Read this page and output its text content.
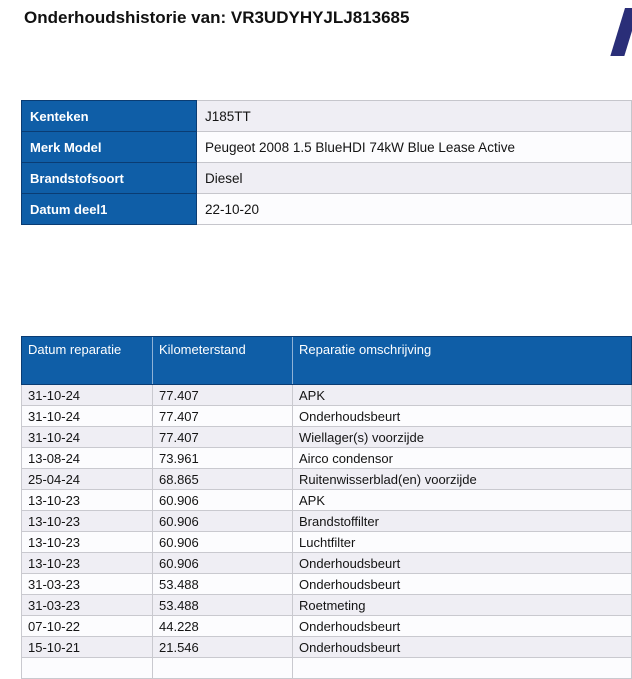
Onderhoudshistorie van: VR3UDYHYJLJ813685
Kenteken	J185TT
Merk Model	Peugeot 2008 1.5 BlueHDI 74kW Blue Lease Active
Brandstofsoort	Diesel
Datum deel1	22-10-20
Datum reparatie	Kilometerstand	Reparatie omschrijving
31-10-24	77.407	APK
31-10-24	77.407	Onderhoudsbeurt
31-10-24	77.407	Wiellager(s) voorzijde
13-08-24	73.961	Airco condensor
25-04-24	68.865	Ruitenwisserblad(en) voorzijde
13-10-23	60.906	APK
13-10-23	60.906	Brandstoffilter
13-10-23	60.906	Luchtfilter
13-10-23	60.906	Onderhoudsbeurt
31-03-23	53.488	Onderhoudsbeurt
31-03-23	53.488	Roetmeting
07-10-22	44.228	Onderhoudsbeurt
15-10-21	21.546	Onderhoudsbeurt
